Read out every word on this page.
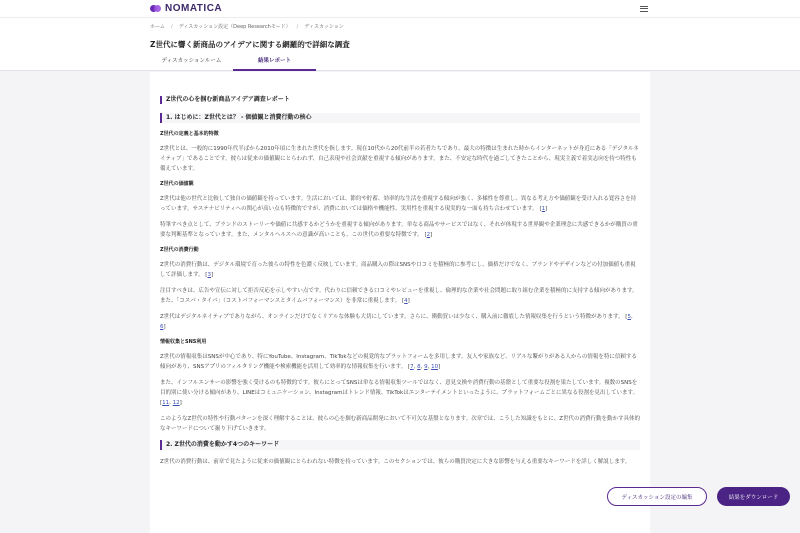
NOMATICA
ホーム / ディスカッション設定（Deep Researchモード） / ディスカッション
Z世代に響く新商品のアイデアに関する網羅的で詳細な調査
ディスカッションルーム	結果レポート
Z世代の心を掴む新商品アイデア調査レポート
1. はじめに：Z世代とは？ - 価値観と消費行動の核心
Z世代の定義と基本的特徴

Z世代とは、一般的に1990年代半ばから2010年頃に生まれた世代を指します。現在10代から20代前半の若者たちであり、最大の特徴は生まれた時からインターネットが身近にある「デジタルネイティブ」であることです。彼らは従来の価値観にとらわれず、自己表現や社会貢献を重視する傾向があります。また、不安定な時代を過ごしてきたことから、現実主義で着実志向を持つ特性も備えています。

Z世代の価値観

Z世代は他の世代と比較して独自の価値観を持っています。生活においては、節約や貯蓄、効率的な生活を重視する傾向が強く、多様性を尊重し、異なる考え方や価値観を受け入れる寛容さを持っています。サステナビリティへの関心が高い点も特徴的ですが、消費においては価格や機能性、実用性を重視する現実的な一面も持ち合わせています。 [1]

特筆すべき点として、ブランドのストーリーや価値に共感するかどうかを重視する傾向があります。単なる商品やサービスではなく、それが体現する世界観や企業理念に共感できるかが購買の重要な判断基準となっています。また、メンタルヘルスへの意識が高いことも、この世代の重要な特徴です。 [2]

Z世代の消費行動

Z世代の消費行動は、デジタル環境で育った彼らの特性を色濃く反映しています。商品購入の際はSNSや口コミを積極的に参考にし、価格だけでなく、ブランドやデザインなどの付加価値も重視して評価します。 [3]

注目すべきは、広告や宣伝に対して拒否反応を示しやすい点です。代わりに信頼できる口コミやレビューを重視し、倫理的な企業や社会問題に取り組む企業を積極的に支持する傾向があります。また、「コスパ・タイパ」（コストパフォーマンスとタイムパフォーマンス）を非常に重視します。 [4]

Z世代はデジタルネイティブでありながら、オンラインだけでなくリアルな体験も大切にしています。さらに、衝動買いは少なく、購入前に徹底した情報収集を行うという特徴があります。 [5, 6]

情報収集とSNS利用

Z世代の情報収集はSNSが中心であり、特にYouTube、Instagram、TikTokなどの視覚的なプラットフォームを多用します。友人や家族など、リアルな繋がりがある人からの情報を特に信頼する傾向があり、SNSアプリのフィルタリング機能や検索機能を活用して効率的な情報収集を行います。 [7, 8, 9, 10]

また、インフルエンサーの影響を強く受けるのも特徴的です。彼らにとってSNSは単なる情報収集ツールではなく、意見交換や消費行動の基盤として重要な役割を果たしています。複数のSNSを目的別に使い分ける傾向があり、LINEはコミュニケーション、Instagramはトレンド情報、TikTokはエンターテイメントといったように、プラットフォームごとに異なる役割を見出しています。 [11, 12]

このようなZ世代の特性や行動パターンを深く理解することは、彼らの心を掴む新商品開発において不可欠な基盤となります。次章では、こうした知識をもとに、Z世代の消費行動を動かす具体的なキーワードについて掘り下げていきます。

2. Z世代の消費を動かす4つのキーワード

Z世代の消費行動は、前章で見たように従来の価値観にとらわれない特徴を持っています。このセクションでは、彼らの購買決定に大きな影響を与える重要なキーワードを詳しく解説します。

ディスカッション設定の編集	結果をダウンロード
